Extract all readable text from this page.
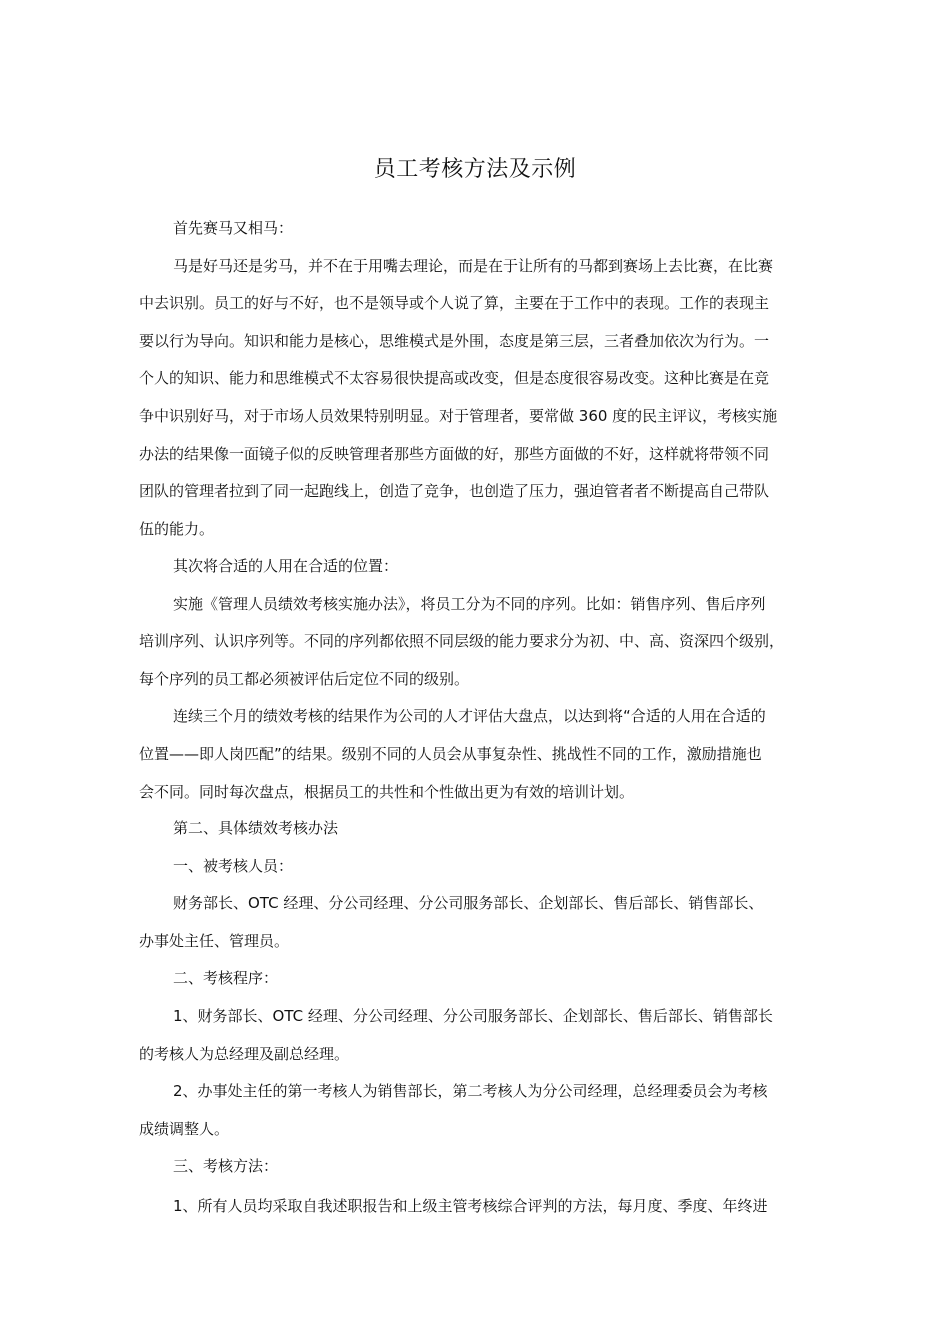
员工考核方法及示例
首先赛马又相马：
马是好马还是劣马，并不在于用嘴去理论，而是在于让所有的马都到赛场上去比赛，在比赛
中去识别。员工的好与不好，也不是领导或个人说了算，主要在于工作中的表现。工作的表现主
要以行为导向。知识和能力是核心，思维模式是外围，态度是第三层，三者叠加依次为行为。一
个人的知识、能力和思维模式不太容易很快提高或改变，但是态度很容易改变。这种比赛是在竞
争中识别好马，对于市场人员效果特别明显。对于管理者，要常做 360 度的民主评议，考核实施
办法的结果像一面镜子似的反映管理者那些方面做的好，那些方面做的不好，这样就将带领不同
团队的管理者拉到了同一起跑线上，创造了竞争，也创造了压力，强迫管者者不断提高自己带队
伍的能力。
其次将合适的人用在合适的位置：
实施《管理人员绩效考核实施办法》，将员工分为不同的序列。比如：销售序列、售后序列
培训序列、认识序列等。不同的序列都依照不同层级的能力要求分为初、中、高、资深四个级别，
每个序列的员工都必须被评估后定位不同的级别。
连续三个月的绩效考核的结果作为公司的人才评估大盘点，以达到将“合适的人用在合适的
位置——即人岗匹配”的结果。级别不同的人员会从事复杂性、挑战性不同的工作，激励措施也
会不同。同时每次盘点，根据员工的共性和个性做出更为有效的培训计划。
第二、具体绩效考核办法
一、被考核人员：
财务部长、OTC 经理、分公司经理、分公司服务部长、企划部长、售后部长、销售部长、
办事处主任、管理员。
二、考核程序：
1、财务部长、OTC 经理、分公司经理、分公司服务部长、企划部长、售后部长、销售部长
的考核人为总经理及副总经理。
2、办事处主任的第一考核人为销售部长，第二考核人为分公司经理，总经理委员会为考核
成绩调整人。
三、考核方法：
1、所有人员均采取自我述职报告和上级主管考核综合评判的方法，每月度、季度、年终进
